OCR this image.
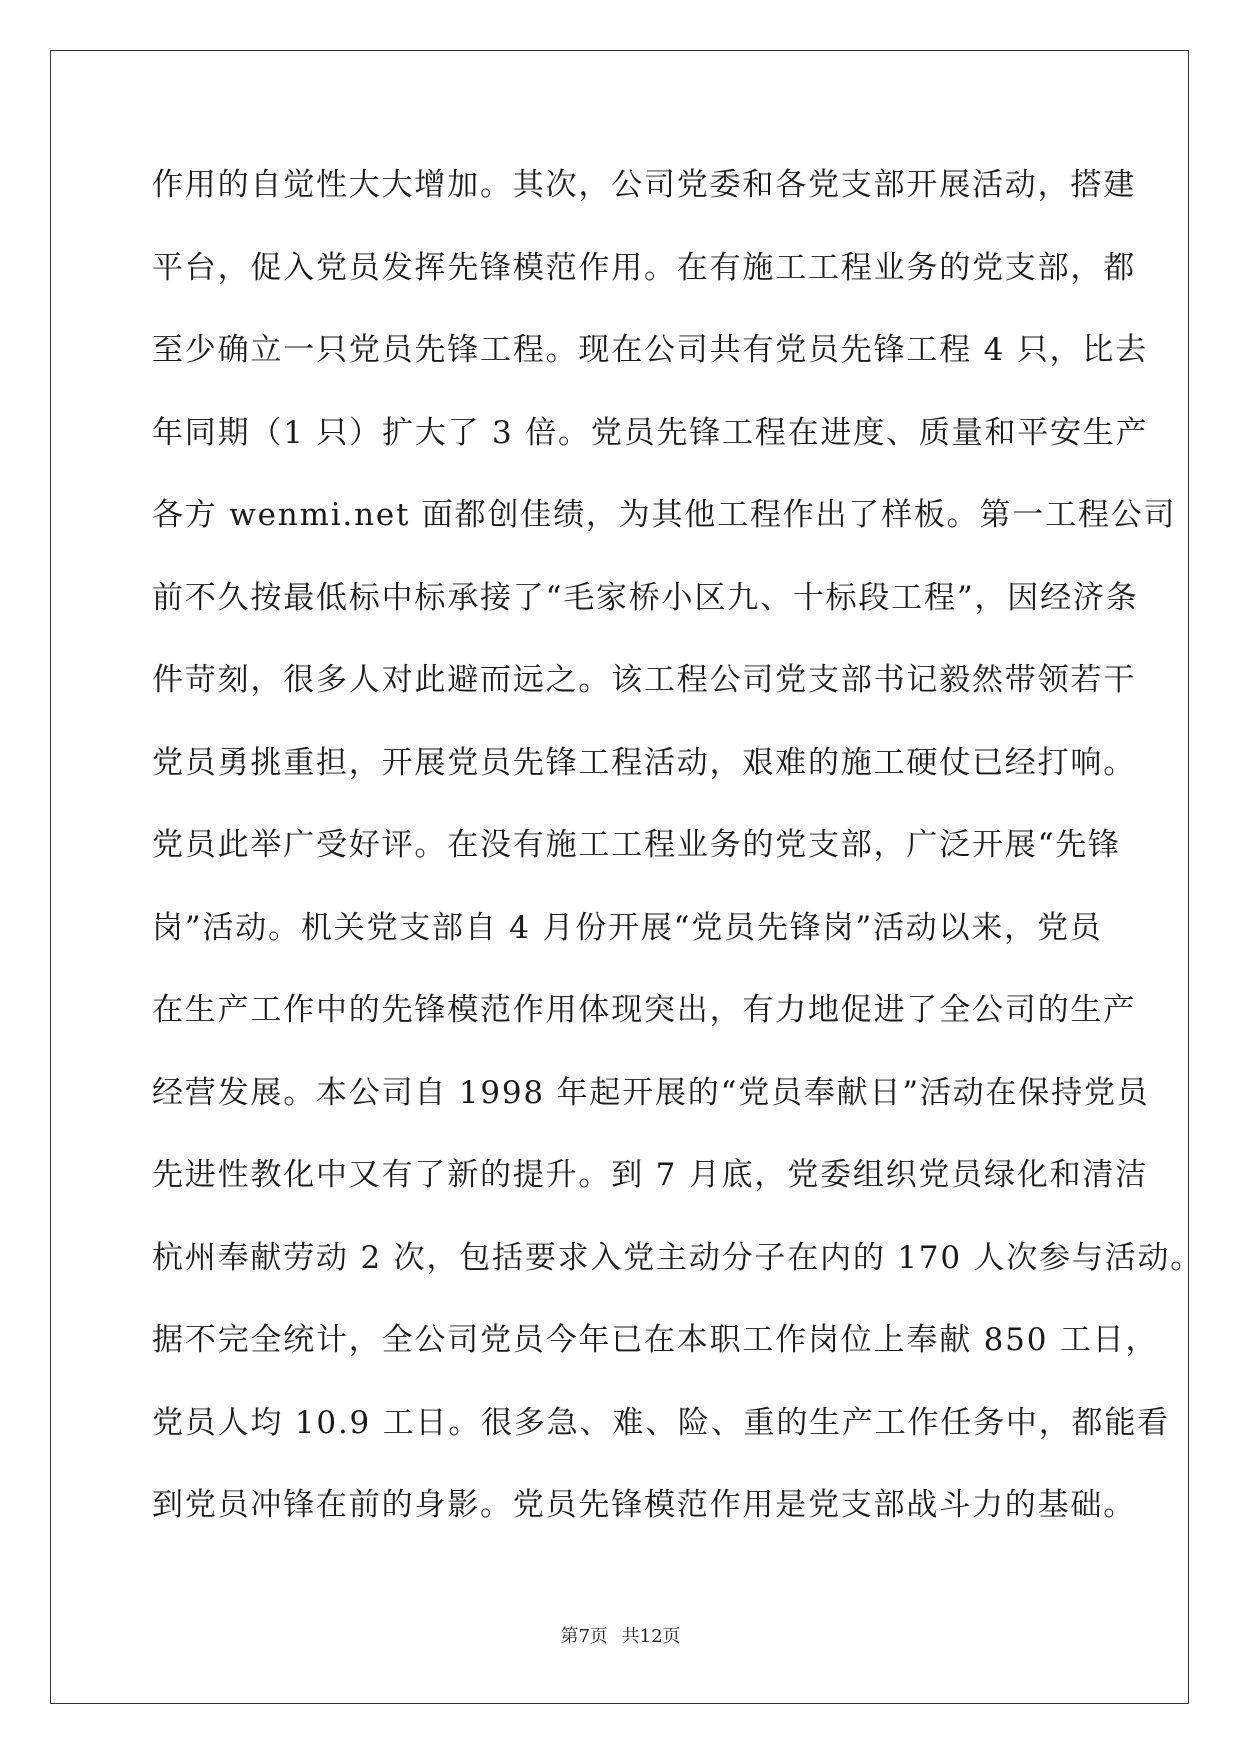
作用的自觉性大大增加。其次，公司党委和各党支部开展活动，搭建
平台，促入党员发挥先锋模范作用。在有施工工程业务的党支部，都
至少确立一只党员先锋工程。现在公司共有党员先锋工程 4 只，比去
年同期（1 只）扩大了 3 倍。党员先锋工程在进度、质量和平安生产
各方 wenmi.net 面都创佳绩，为其他工程作出了样板。第一工程公司
前不久按最低标中标承接了“毛家桥小区九、十标段工程”，因经济条
件苛刻，很多人对此避而远之。该工程公司党支部书记毅然带领若干
党员勇挑重担，开展党员先锋工程活动，艰难的施工硬仗已经打响。
党员此举广受好评。在没有施工工程业务的党支部，广泛开展“先锋
岗”活动。机关党支部自 4 月份开展“党员先锋岗”活动以来，党员
在生产工作中的先锋模范作用体现突出，有力地促进了全公司的生产
经营发展。本公司自 1998 年起开展的“党员奉献日”活动在保持党员
先进性教化中又有了新的提升。到 7 月底，党委组织党员绿化和清洁
杭州奉献劳动 2 次，包括要求入党主动分子在内的 170 人次参与活动。
据不完全统计，全公司党员今年已在本职工作岗位上奉献 850 工日，
党员人均 10.9 工日。很多急、难、险、重的生产工作任务中，都能看
到党员冲锋在前的身影。党员先锋模范作用是党支部战斗力的基础。
第7页 共12页
